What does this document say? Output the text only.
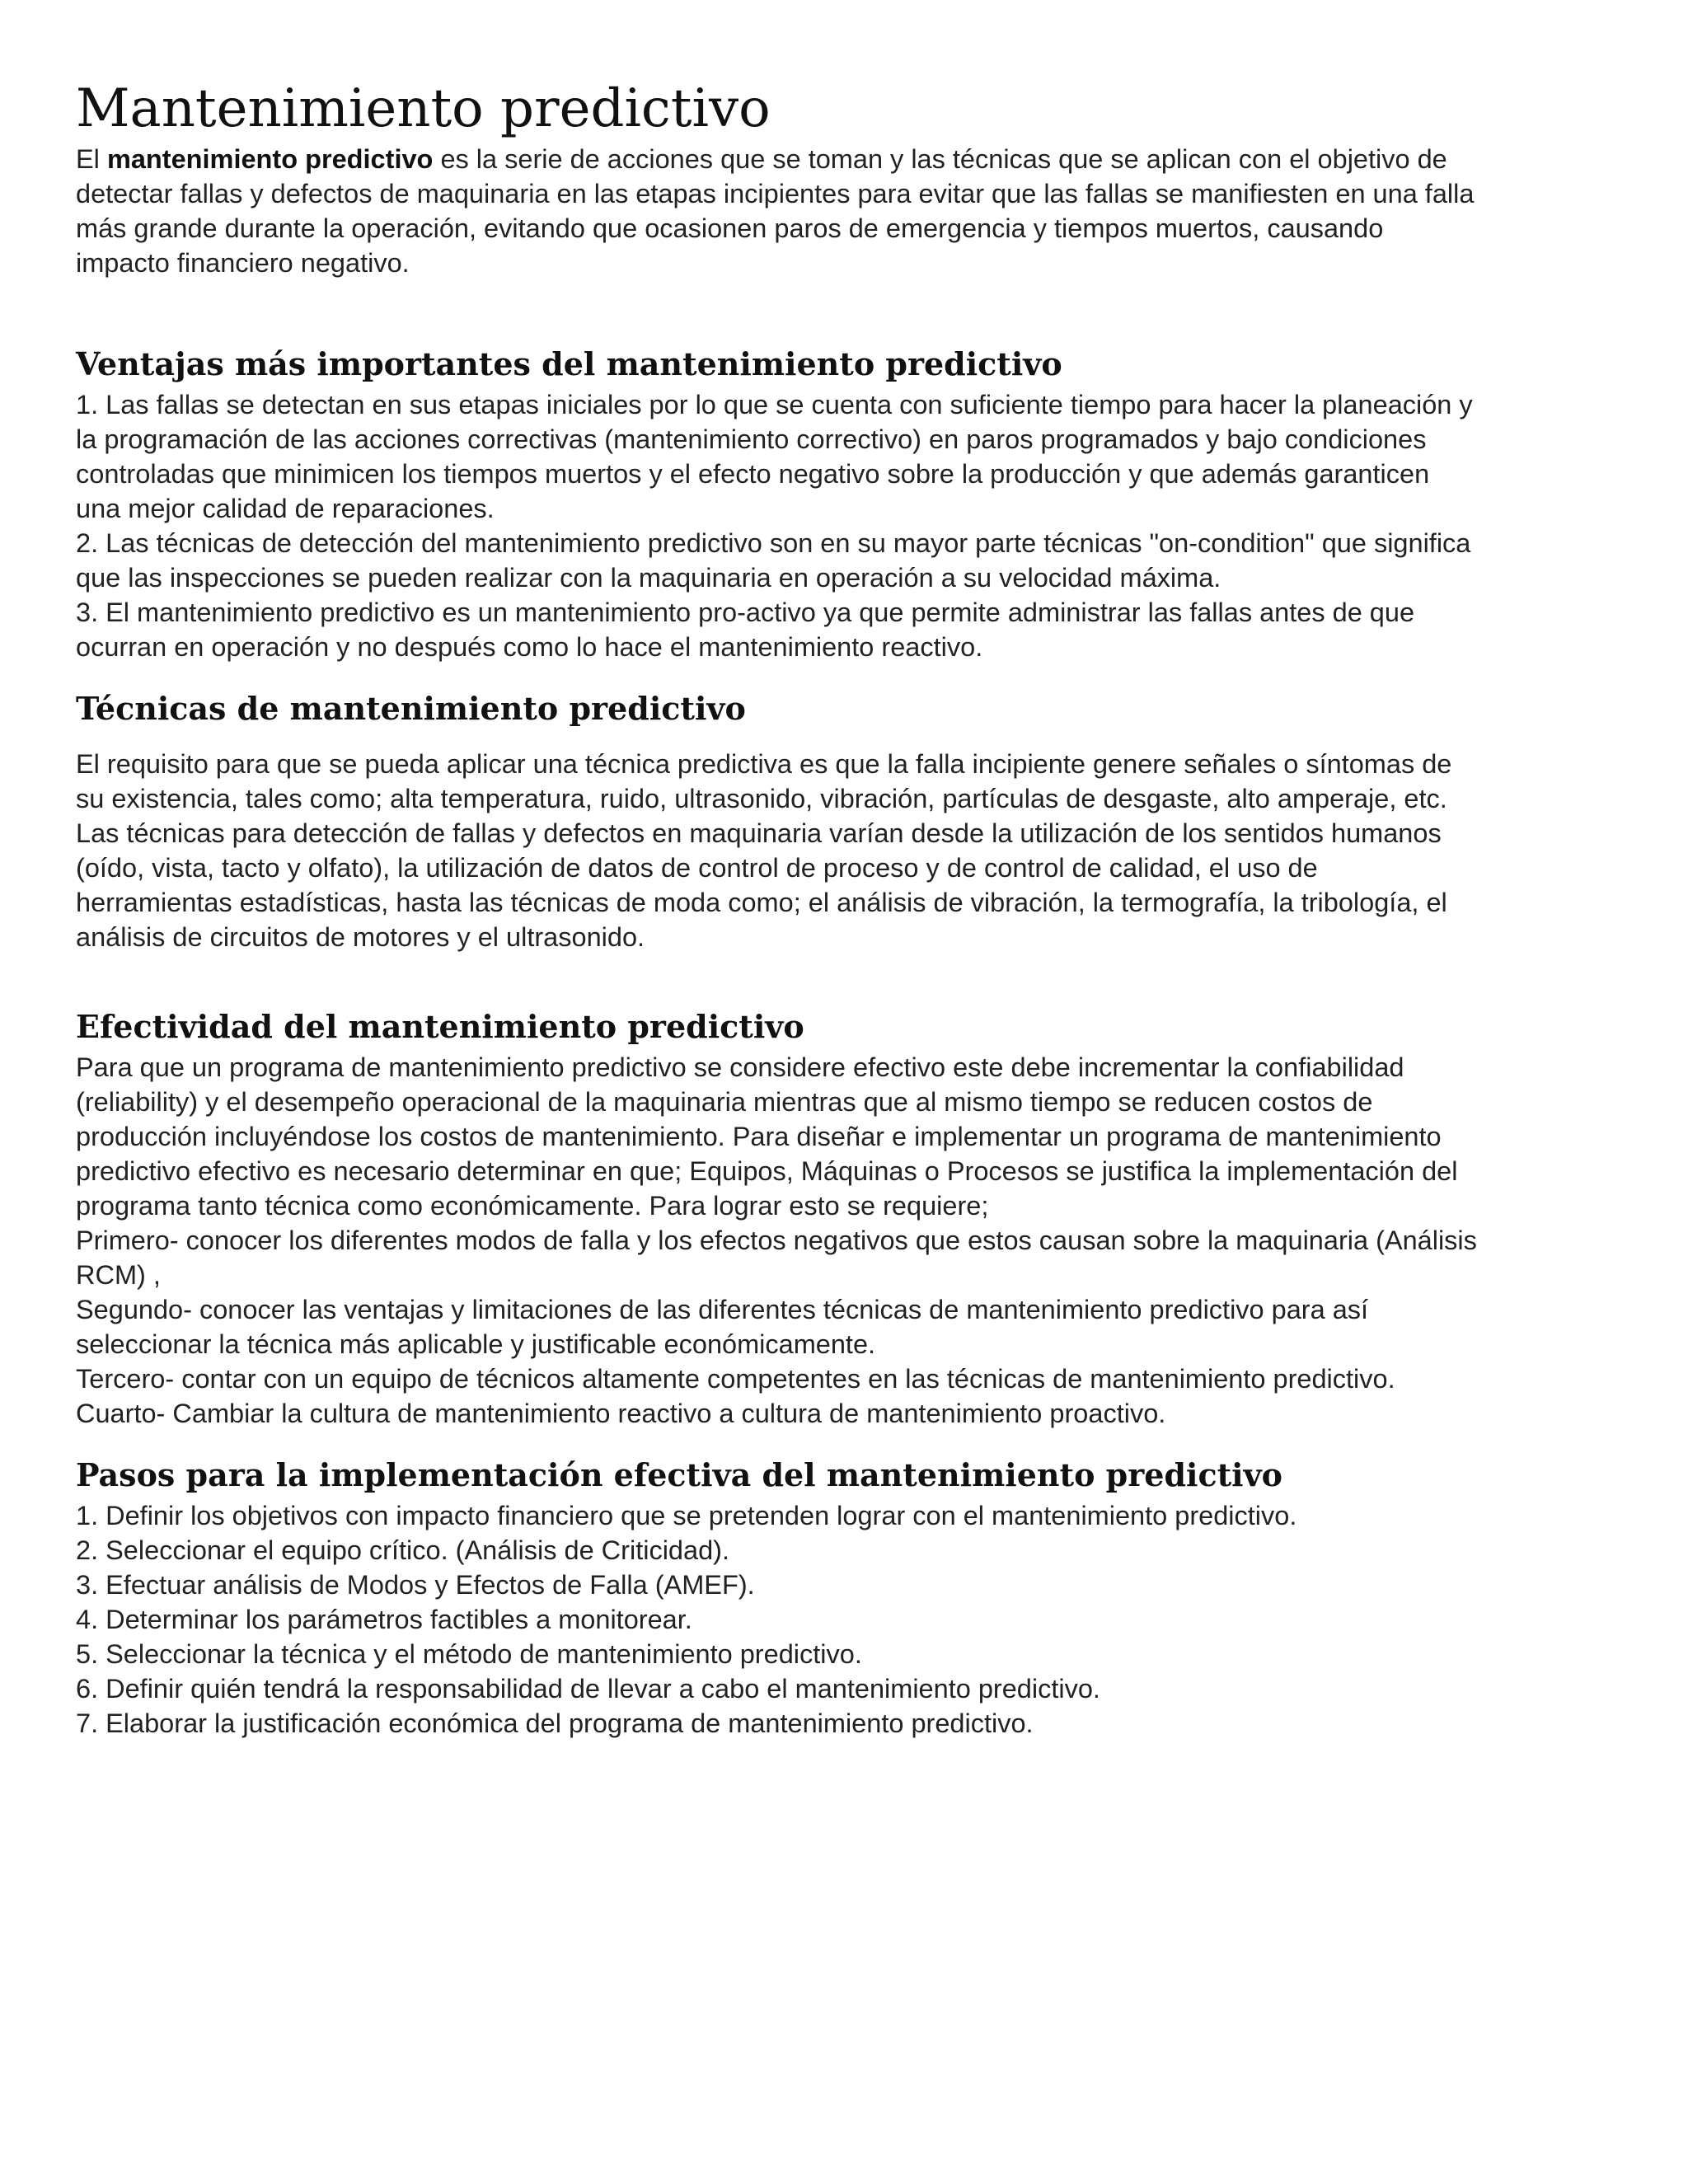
Mantenimiento predictivo

El mantenimiento predictivo es la serie de acciones que se toman y las técnicas que se aplican con el objetivo de detectar fallas y defectos de maquinaria en las etapas incipientes para evitar que las fallas se manifiesten en una falla más grande durante la operación, evitando que ocasionen paros de emergencia y tiempos muertos, causando impacto financiero negativo.

Ventajas más importantes del mantenimiento predictivo
1. Las fallas se detectan en sus etapas iniciales por lo que se cuenta con suficiente tiempo para hacer la planeación y la programación de las acciones correctivas (mantenimiento correctivo) en paros programados y bajo condiciones controladas que minimicen los tiempos muertos y el efecto negativo sobre la producción y que además garanticen una mejor calidad de reparaciones.
2. Las técnicas de detección del mantenimiento predictivo son en su mayor parte técnicas "on-condition" que significa que las inspecciones se pueden realizar con la maquinaria en operación a su velocidad máxima.
3. El mantenimiento predictivo es un mantenimiento pro-activo ya que permite administrar las fallas antes de que ocurran en operación y no después como lo hace el mantenimiento reactivo.
Técnicas de mantenimiento predictivo
El requisito para que se pueda aplicar una técnica predictiva es que la falla incipiente genere señales o síntomas de su existencia, tales como; alta temperatura, ruido, ultrasonido, vibración, partículas de desgaste, alto amperaje, etc. Las técnicas para detección de fallas y defectos en maquinaria varían desde la utilización de los sentidos humanos (oído, vista, tacto y olfato), la utilización de datos de control de proceso y de control de calidad, el uso de herramientas estadísticas, hasta las técnicas de moda como; el análisis de vibración, la termografía, la tribología, el análisis de circuitos de motores y el ultrasonido.
Efectividad del mantenimiento predictivo
Para que un programa de mantenimiento predictivo se considere efectivo este debe incrementar la confiabilidad (reliability) y el desempeño operacional de la maquinaria mientras que al mismo tiempo se reducen costos de producción incluyéndose los costos de mantenimiento. Para diseñar e implementar un programa de mantenimiento predictivo efectivo es necesario determinar en que; Equipos, Máquinas o Procesos se justifica la implementación del programa tanto técnica como económicamente. Para lograr esto se requiere;
Primero- conocer los diferentes modos de falla y los efectos negativos que estos causan sobre la maquinaria (Análisis RCM) ,
Segundo- conocer las ventajas y limitaciones de las diferentes técnicas de mantenimiento predictivo para así seleccionar la técnica más aplicable y justificable económicamente.
Tercero- contar con un equipo de técnicos altamente competentes en las técnicas de mantenimiento predictivo.
Cuarto- Cambiar la cultura de mantenimiento reactivo a cultura de mantenimiento proactivo.
Pasos para la implementación efectiva del mantenimiento predictivo
1. Definir los objetivos con impacto financiero que se pretenden lograr con el mantenimiento predictivo.
2. Seleccionar el equipo crítico. (Análisis de Criticidad).
3. Efectuar análisis de Modos y Efectos de Falla (AMEF).
4. Determinar los parámetros factibles a monitorear.
5. Seleccionar la técnica y el método de mantenimiento predictivo.
6. Definir quién tendrá la responsabilidad de llevar a cabo el mantenimiento predictivo.
7. Elaborar la justificación económica del programa de mantenimiento predictivo.
